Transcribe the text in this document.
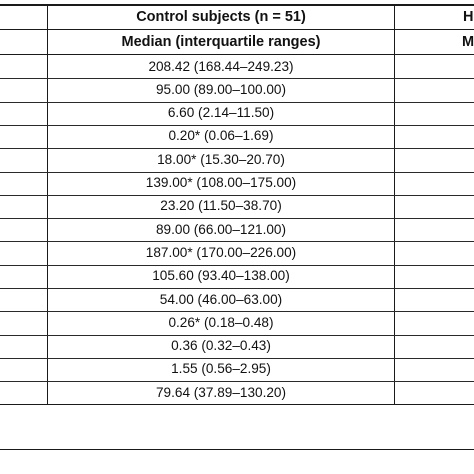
Control subjects (n = 51)
Median (interquartile ranges)
H
M
208.42 (168.44–249.23)
95.00 (89.00–100.00)
6.60 (2.14–11.50)
0.20* (0.06–1.69)
18.00* (15.30–20.70)
139.00* (108.00–175.00)
23.20 (11.50–38.70)
89.00 (66.00–121.00)
187.00* (170.00–226.00)
105.60 (93.40–138.00)
54.00 (46.00–63.00)
0.26* (0.18–0.48)
0.36 (0.32–0.43)
1.55 (0.56–2.95)
79.64 (37.89–130.20)
